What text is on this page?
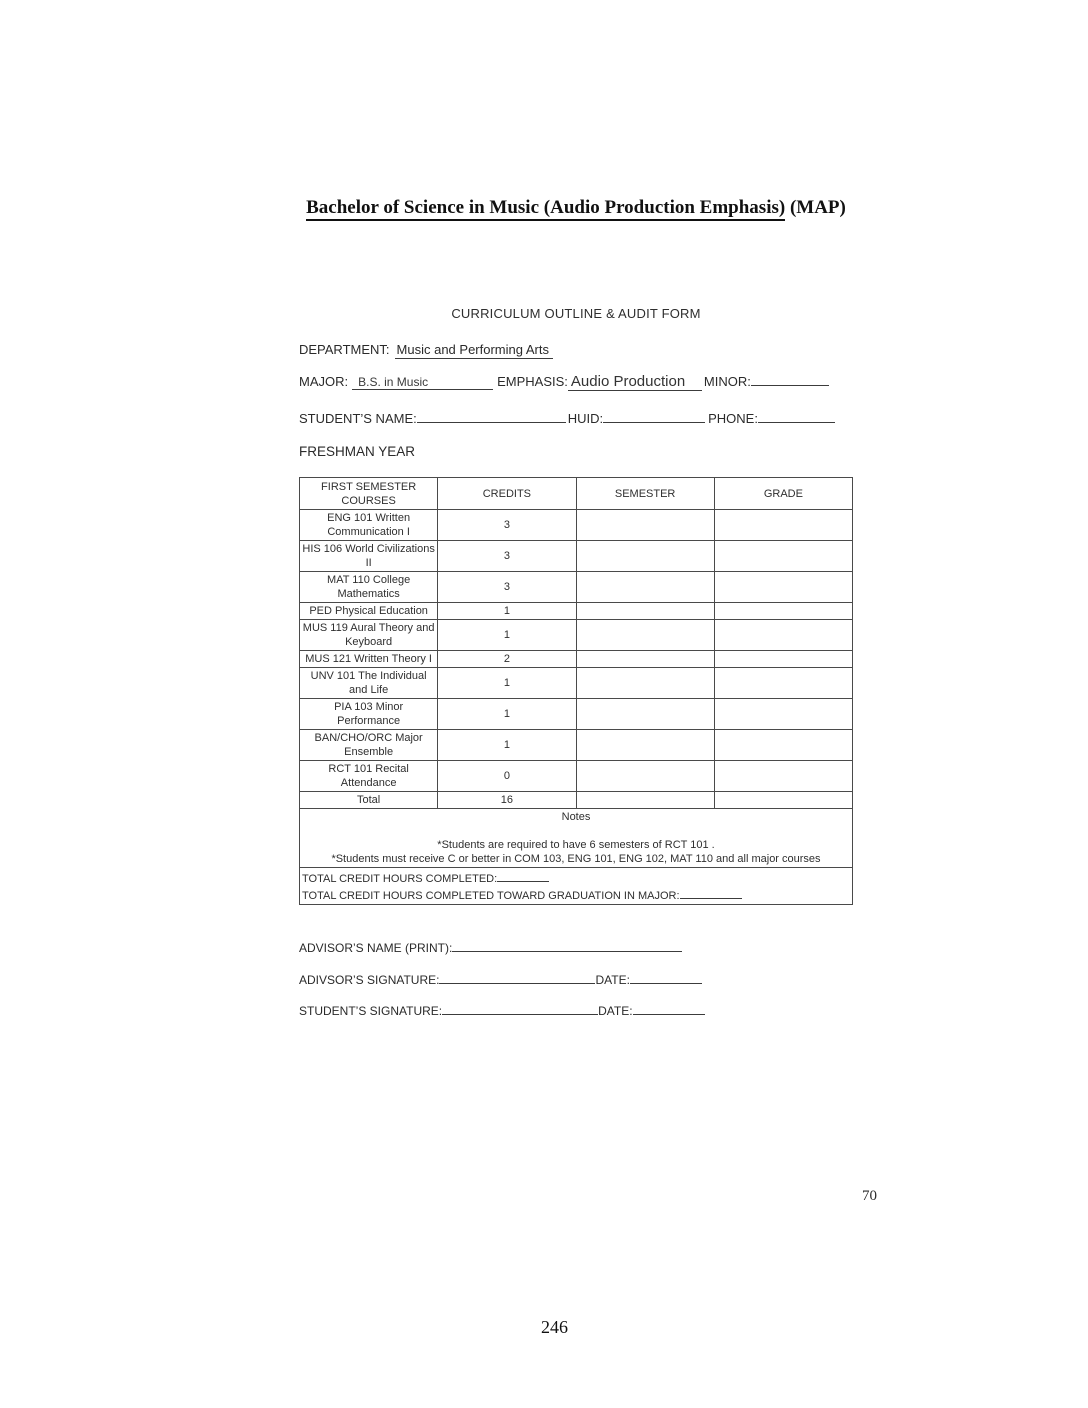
Bachelor of Science in Music (Audio Production Emphasis) (MAP)
CURRICULUM OUTLINE & AUDIT FORM
DEPARTMENT: Music and Performing Arts
MAJOR: B.S. in Music	EMPHASIS: Audio Production	MINOR:
STUDENT’S NAME:	HUID:	PHONE:
FRESHMAN YEAR
FIRST SEMESTER COURSES	CREDITS	SEMESTER	GRADE
ENG 101 Written Communication I	3		
HIS 106 World Civilizations II	3		
MAT 110 College Mathematics	3		
PED Physical Education	1		
MUS 119 Aural Theory and Keyboard	1		
MUS 121 Written Theory I	2		
UNV 101 The Individual and Life	1		
PIA 103 Minor Performance	1		
BAN/CHO/ORC Major Ensemble	1		
RCT 101 Recital Attendance	0		
Total	16		

Notes
*Students are required to have 6 semesters of RCT 101 .
*Students must receive C or better in COM 103, ENG 101, ENG 102, MAT 110 and all major courses			

TOTAL CREDIT HOURS COMPLETED:
TOTAL CREDIT HOURS COMPLETED TOWARD GRADUATION IN MAJOR:			
ADVISOR’S NAME (PRINT):
ADIVSOR’S SIGNATURE:	DATE:
STUDENT’S SIGNATURE:	DATE:
70
246
